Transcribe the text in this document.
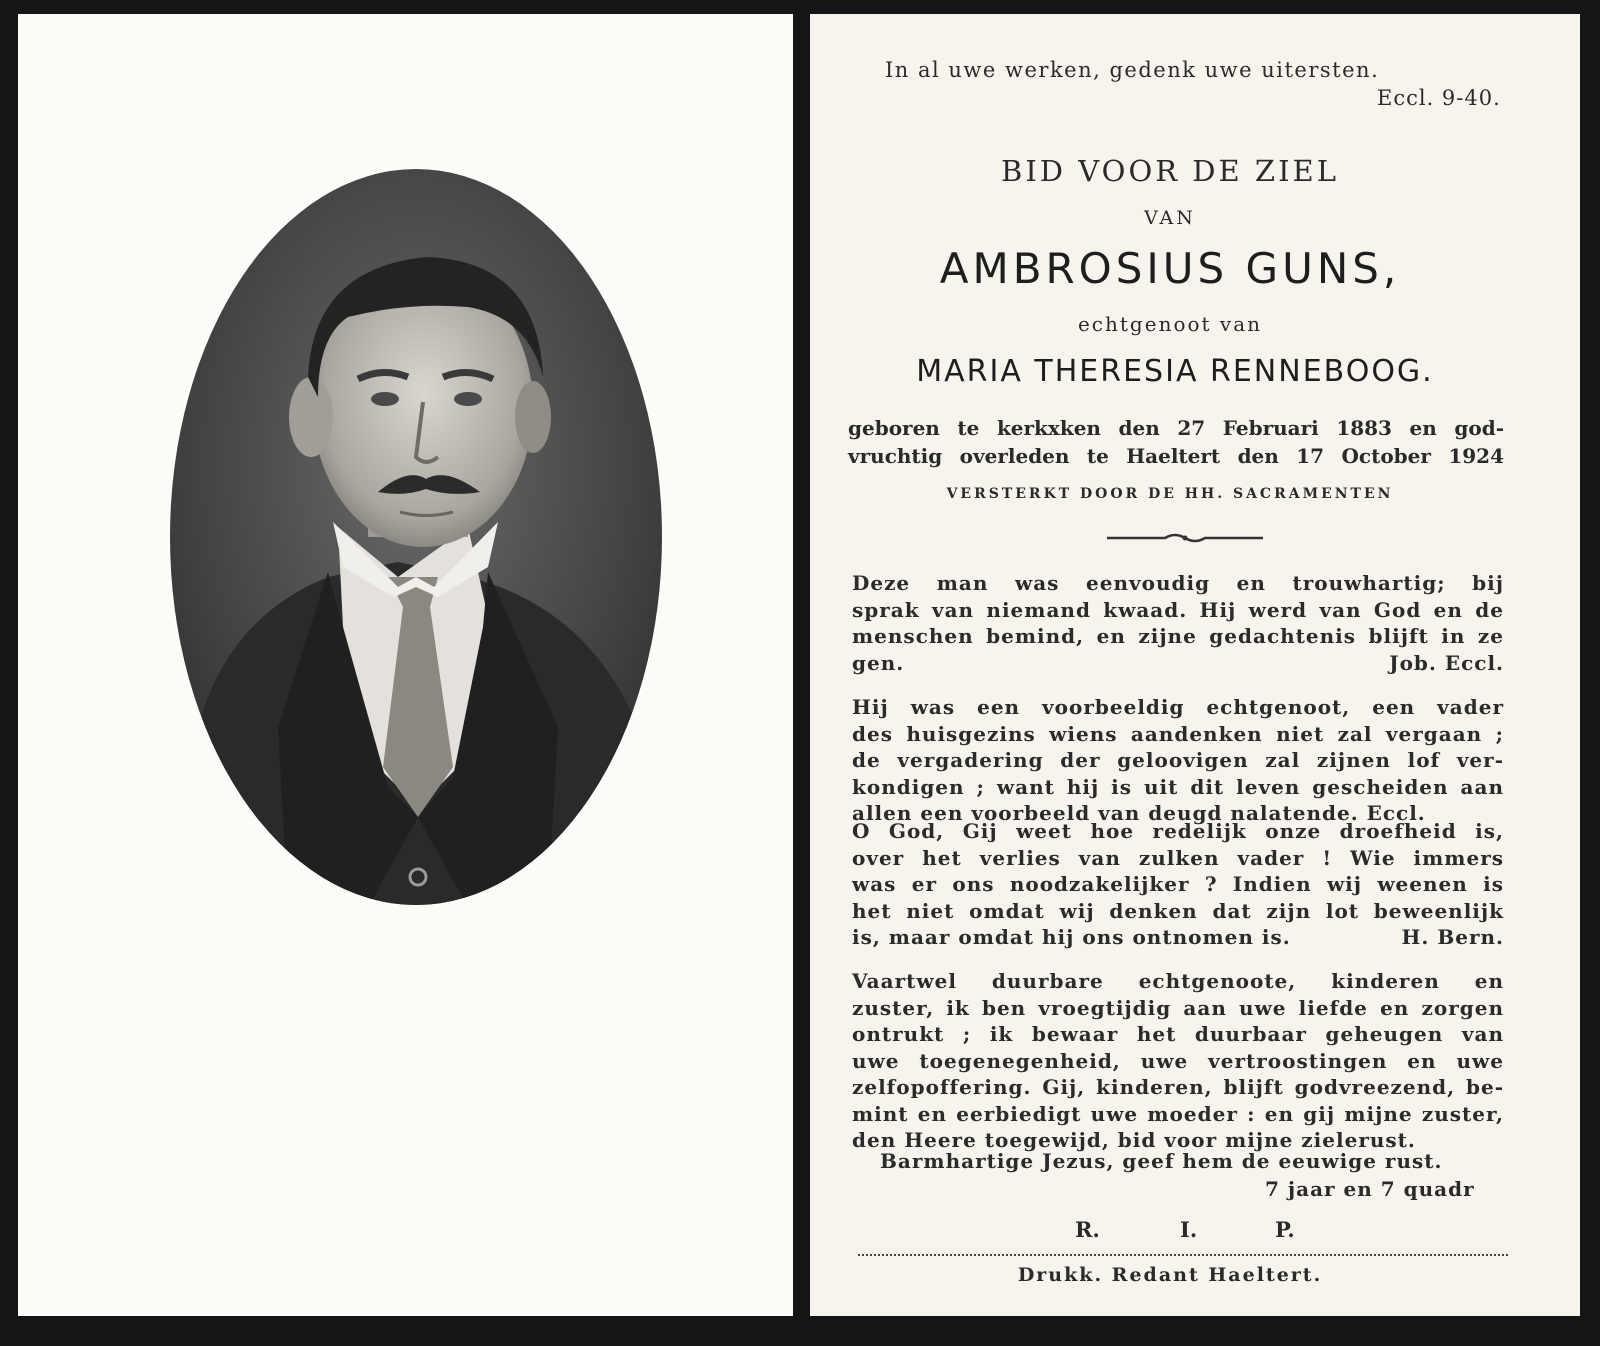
In al uwe werken, gedenk uwe uitersten.
Eccl. 9-40.
BID VOOR DE ZIEL
VAN
AMBROSIUS GUNS,
echtgenoot van
MARIA THERESIA RENNEBOOG.
geboren te kerkxken den 27 Februari 1883 en god-
vruchtig overleden te Haeltert den 17 October 1924
VERSTERKT DOOR DE HH. SACRAMENTEN
Deze man was eenvoudig en trouwhartig; bij
sprak van niemand kwaad. Hij werd van God en de
menschen bemind, en zijne gedachtenis blijft in ze
gen.	Job. Eccl.
Hij was een voorbeeldig echtgenoot, een vader
des huisgezins wiens aandenken niet zal vergaan ;
de vergadering der geloovigen zal zijnen lof ver-
kondigen ; want hij is uit dit leven gescheiden aan
allen een voorbeeld van deugd nalatende. Eccl.
O God, Gij weet hoe redelijk onze droefheid is,
over het verlies van zulken vader ! Wie immers
was er ons noodzakelijker ? Indien wij weenen is
het niet omdat wij denken dat zijn lot beweenlijk
is, maar omdat hij ons ontnomen is.	H. Bern.
Vaartwel duurbare echtgenoote, kinderen en
zuster, ik ben vroegtijdig aan uwe liefde en zorgen
ontrukt ; ik bewaar het duurbaar geheugen van
uwe toegenegenheid, uwe vertroostingen en uwe
zelfopoffering. Gij, kinderen, blijft godvreezend, be-
mint en eerbiedigt uwe moeder : en gij mijne zuster,
den Heere toegewijd, bid voor mijne zielerust.
Barmhartige Jezus, geef hem de eeuwige rust.
7 jaar en 7 quadr
R.	I.	P.
Drukk. Redant Haeltert.
